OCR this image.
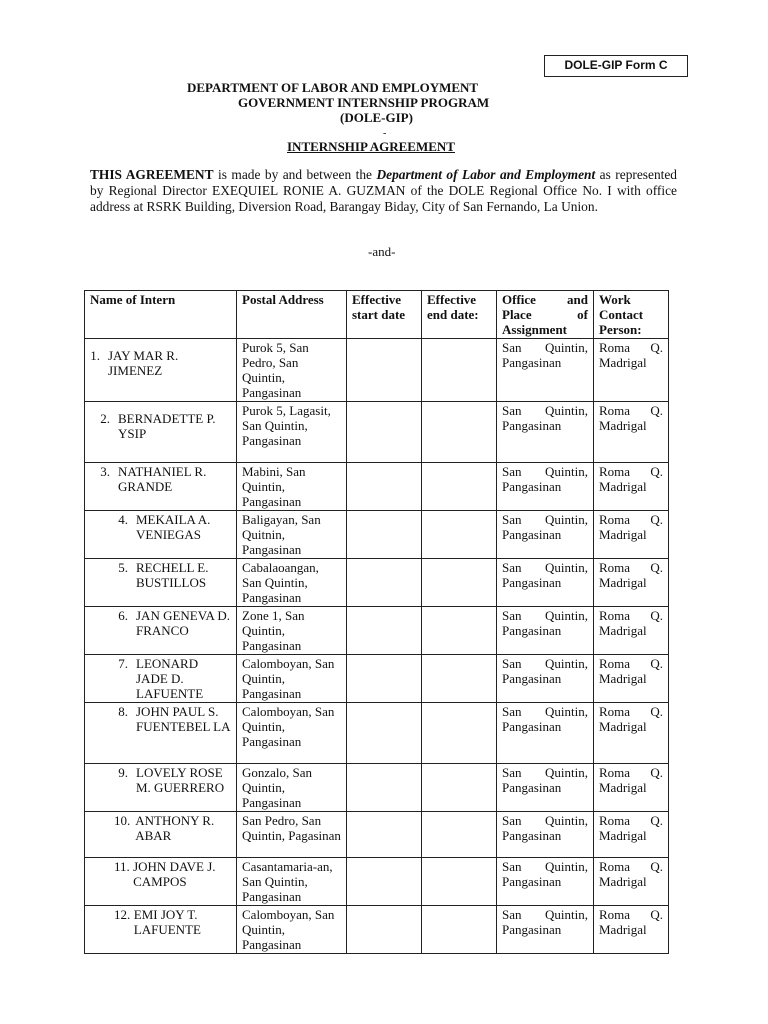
DOLE-GIP Form C
DEPARTMENT OF LABOR AND EMPLOYMENT
GOVERNMENT INTERNSHIP PROGRAM
(DOLE-GIP)
-
INTERNSHIP AGREEMENT
THIS AGREEMENT is made by and between the Department of Labor and Employment as represented by Regional Director EXEQUIEL RONIE A. GUZMAN of the DOLE Regional Office No. I with office address at RSRK Building, Diversion Road, Barangay Biday, City of San Fernando, La Union.
-and-
Name of Intern	Postal Address	Effective start date	Effective end date:	Office and Place of Assignment	Work Contact Person:

1. JAY MAR R. JIMENEZ	Purok 5, San Pedro, San Quintin, Pangasinan			San Quintin, Pangasinan	Roma Q. Madrigal

2. BERNADETTE P. YSIP	Purok 5, Lagasit, San Quintin, Pangasinan			San Quintin, Pangasinan	Roma Q. Madrigal

3. NATHANIEL R. GRANDE	Mabini, San Quintin, Pangasinan			San Quintin, Pangasinan	Roma Q. Madrigal

4. MEKAILA A. VENIEGAS	Baligayan, San Quitnin, Pangasinan			San Quintin, Pangasinan	Roma Q. Madrigal

5. RECHELL E. BUSTILLOS	Cabalaoangan, San Quintin, Pangasinan			San Quintin, Pangasinan	Roma Q. Madrigal

6. JAN GENEVA D. FRANCO	Zone 1, San Quintin, Pangasinan			San Quintin, Pangasinan	Roma Q. Madrigal

7. LEONARD JADE D. LAFUENTE	Calomboyan, San Quintin, Pangasinan			San Quintin, Pangasinan	Roma Q. Madrigal

8. JOHN PAUL S. FUENTEBEL LA	Calomboyan, San Quintin, Pangasinan			San Quintin, Pangasinan	Roma Q. Madrigal

9. LOVELY ROSE M. GUERRERO	Gonzalo, San Quintin, Pangasinan			San Quintin, Pangasinan	Roma Q. Madrigal

10. ANTHONY R. ABAR	San Pedro, San Quintin, Pagasinan			San Quintin, Pangasinan	Roma Q. Madrigal

11. JOHN DAVE J. CAMPOS	Casantamaria-an, San Quintin, Pangasinan			San Quintin, Pangasinan	Roma Q. Madrigal

12. EMI JOY T. LAFUENTE	Calomboyan, San Quintin, Pangasinan			San Quintin, Pangasinan	Roma Q. Madrigal
